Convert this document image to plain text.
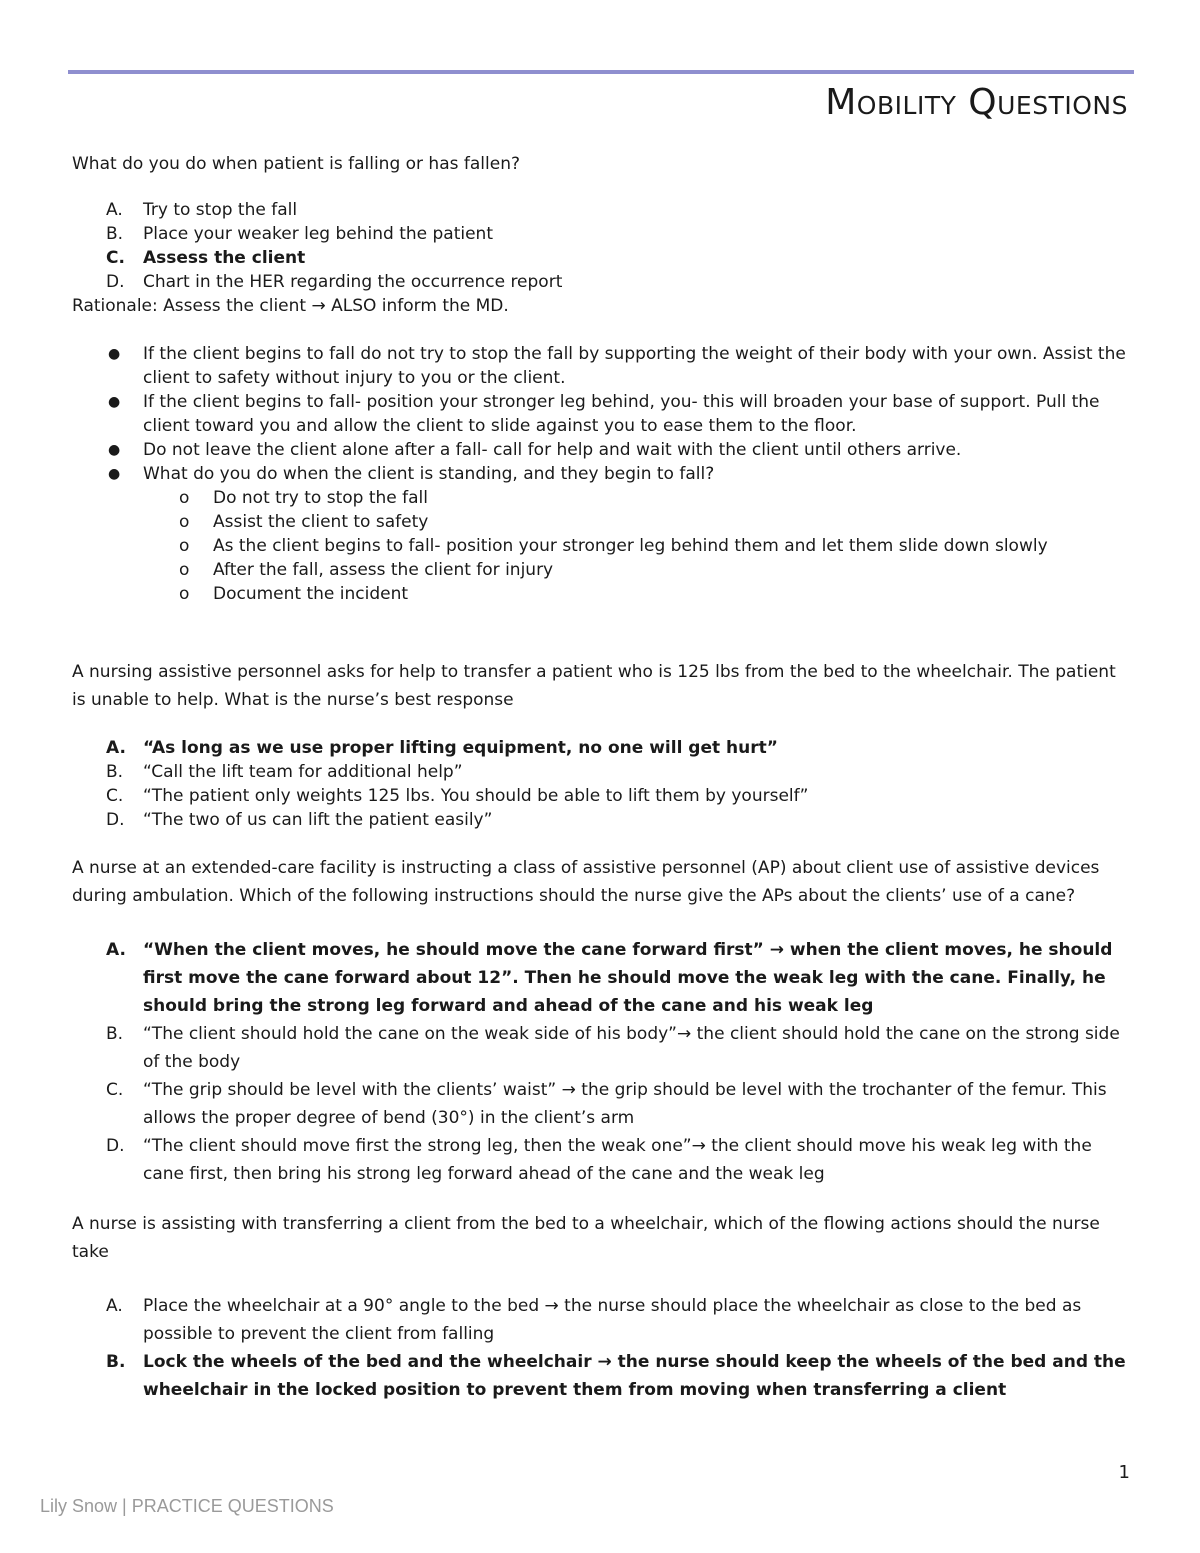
Mobility Questions

What do you do when patient is falling or has fallen?

A. Try to stop the fall
B. Place your weaker leg behind the patient
C. Assess the client
D. Chart in the HER regarding the occurrence report

Rationale: Assess the client → ALSO inform the MD.

● If the client begins to fall do not try to stop the fall by supporting the weight of their body with your own. Assist the client to safety without injury to you or the client.
● If the client begins to fall- position your stronger leg behind, you- this will broaden your base of support. Pull the client toward you and allow the client to slide against you to ease them to the floor.
● Do not leave the client alone after a fall- call for help and wait with the client until others arrive.
● What do you do when the client is standing, and they begin to fall?
o Do not try to stop the fall
o Assist the client to safety
o As the client begins to fall- position your stronger leg behind them and let them slide down slowly
o After the fall, assess the client for injury
o Document the incident

A nursing assistive personnel asks for help to transfer a patient who is 125 lbs from the bed to the wheelchair. The patient is unable to help. What is the nurse’s best response

A. “As long as we use proper lifting equipment, no one will get hurt”
B. “Call the lift team for additional help”
C. “The patient only weights 125 lbs. You should be able to lift them by yourself”
D. “The two of us can lift the patient easily”

A nurse at an extended-care facility is instructing a class of assistive personnel (AP) about client use of assistive devices during ambulation. Which of the following instructions should the nurse give the APs about the clients’ use of a cane?

A. “When the client moves, he should move the cane forward first” → when the client moves, he should first move the cane forward about 12”. Then he should move the weak leg with the cane. Finally, he should bring the strong leg forward and ahead of the cane and his weak leg
B. “The client should hold the cane on the weak side of his body”→ the client should hold the cane on the strong side of the body
C. “The grip should be level with the clients’ waist” → the grip should be level with the trochanter of the femur. This allows the proper degree of bend (30°) in the client’s arm
D. “The client should move first the strong leg, then the weak one”→ the client should move his weak leg with the cane first, then bring his strong leg forward ahead of the cane and the weak leg

A nurse is assisting with transferring a client from the bed to a wheelchair, which of the flowing actions should the nurse take

A. Place the wheelchair at a 90° angle to the bed → the nurse should place the wheelchair as close to the bed as possible to prevent the client from falling
B. Lock the wheels of the bed and the wheelchair → the nurse should keep the wheels of the bed and the wheelchair in the locked position to prevent them from moving when transferring a client
1
Lily Snow | PRACTICE QUESTIONS
